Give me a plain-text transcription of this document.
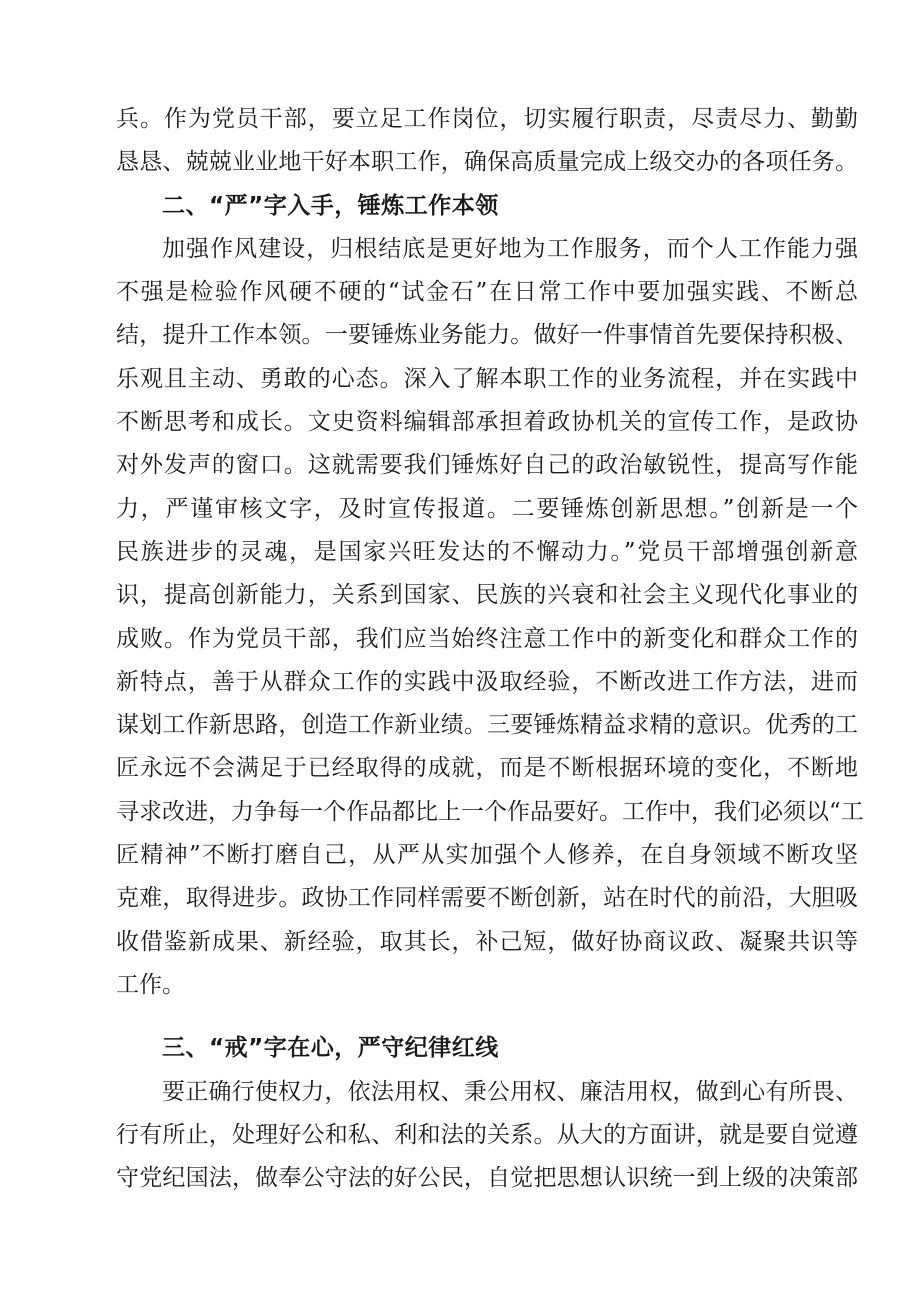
兵。作为党员干部，要立足工作岗位，切实履行职责，尽责尽力、勤勤
恳恳、兢兢业业地干好本职工作，确保高质量完成上级交办的各项任务。
二、“严”字入手，锤炼工作本领
加强作风建设，归根结底是更好地为工作服务，而个人工作能力强
不强是检验作风硬不硬的“试金石”在日常工作中要加强实践、不断总
结，提升工作本领。一要锤炼业务能力。做好一件事情首先要保持积极、
乐观且主动、勇敢的心态。深入了解本职工作的业务流程，并在实践中
不断思考和成长。文史资料编辑部承担着政协机关的宣传工作，是政协
对外发声的窗口。这就需要我们锤炼好自己的政治敏锐性，提高写作能
力，严谨审核文字，及时宣传报道。二要锤炼创新思想。”创新是一个
民族进步的灵魂，是国家兴旺发达的不懈动力。”党员干部增强创新意
识，提高创新能力，关系到国家、民族的兴衰和社会主义现代化事业的
成败。作为党员干部，我们应当始终注意工作中的新变化和群众工作的
新特点，善于从群众工作的实践中汲取经验，不断改进工作方法，进而
谋划工作新思路，创造工作新业绩。三要锤炼精益求精的意识。优秀的工
匠永远不会满足于已经取得的成就，而是不断根据环境的变化，不断地
寻求改进，力争每一个作品都比上一个作品要好。工作中，我们必须以“工
匠精神”不断打磨自己，从严从实加强个人修养，在自身领域不断攻坚
克难，取得进步。政协工作同样需要不断创新，站在时代的前沿，大胆吸
收借鉴新成果、新经验，取其长，补己短，做好协商议政、凝聚共识等
工作。
三、“戒”字在心，严守纪律红线
要正确行使权力，依法用权、秉公用权、廉洁用权，做到心有所畏、
行有所止，处理好公和私、利和法的关系。从大的方面讲，就是要自觉遵
守党纪国法，做奉公守法的好公民，自觉把思想认识统一到上级的决策部
